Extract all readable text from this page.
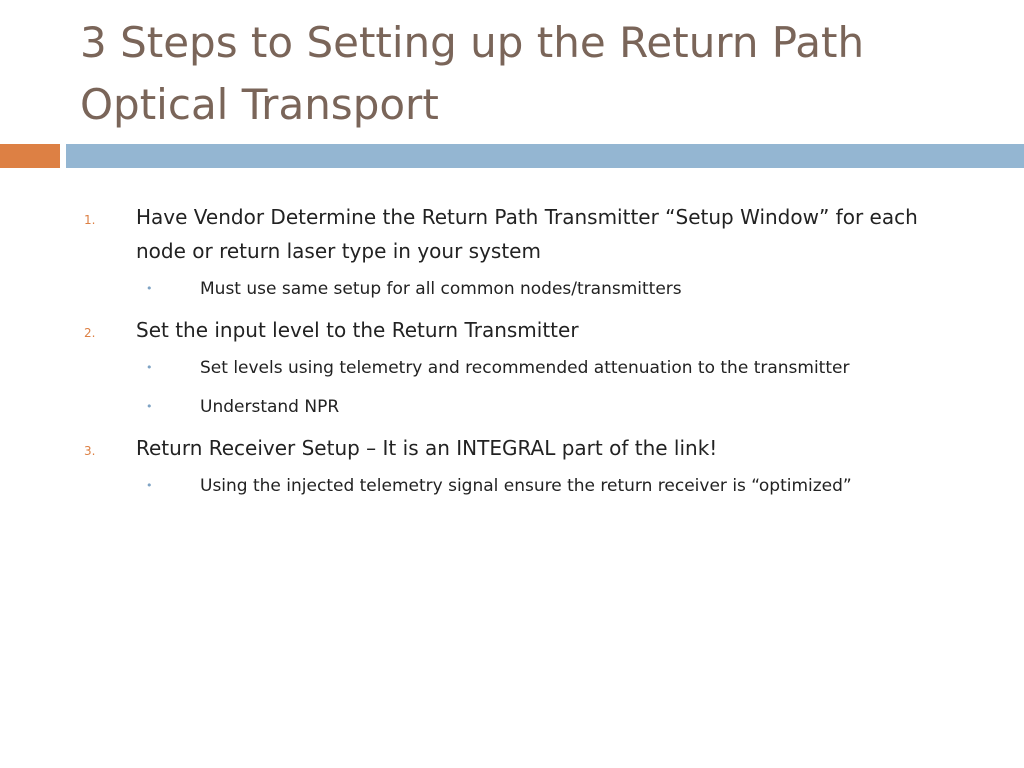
3 Steps to Setting up the Return Path Optical Transport
1. Have Vendor Determine the Return Path Transmitter “Setup Window” for each node or return laser type in your system
•	Must use same setup for all common nodes/transmitters
2. Set the input level to the Return Transmitter
•	Set levels using telemetry and recommended attenuation to the transmitter
•	Understand NPR
3. Return Receiver Setup – It is an INTEGRAL part of the link!
•	Using the injected telemetry signal ensure the return receiver is “optimized”
